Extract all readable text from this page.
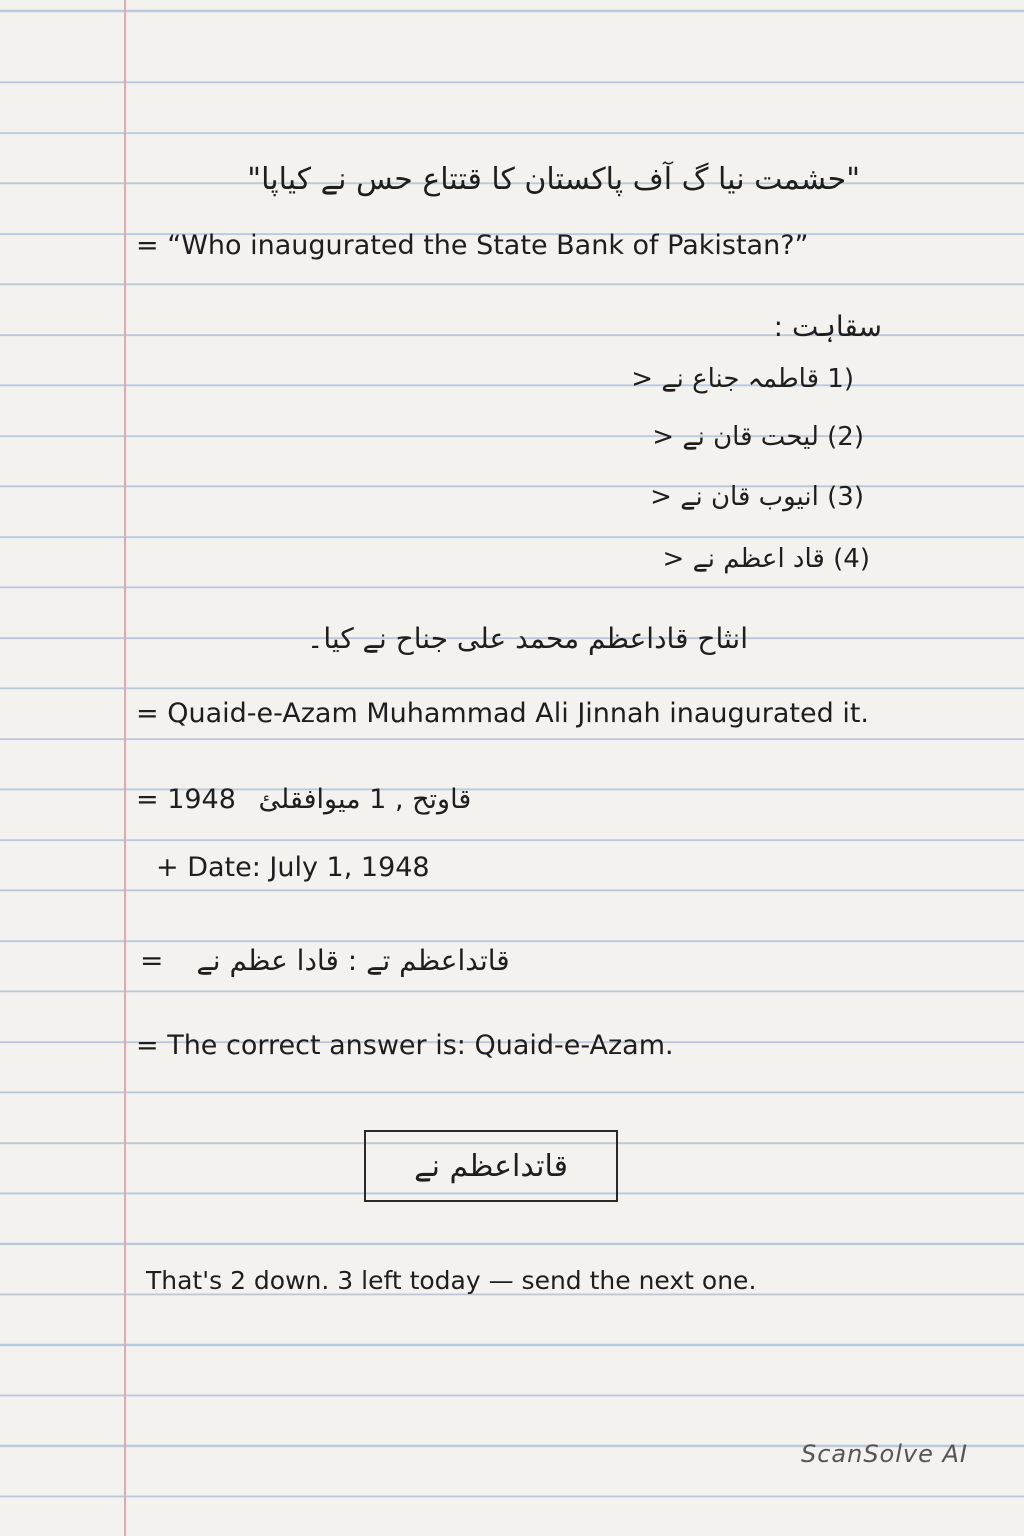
"حشمت نیا گ آف پاکستان کا قتتاع حس نے کیاپا"
= “Who inaugurated the State Bank of Pakistan?”
سقاہت :
(1 قاطمہ جناع نے <
(2) لیحت قان نے <
(3) انیوب قان نے <
(4) قاد اعظم نے <
انثاح قاداعظم محمد علی جناح نے کیا۔
= Quaid-e-Azam Muhammad Ali Jinnah inaugurated it.
= 1948 قاوتح , 1 میوافقلئ
+ Date: July 1, 1948
= قاتداعظم تے : قادا عظم نے
= The correct answer is: Quaid-e-Azam.
قاتداعظم نے
That's 2 down. 3 left today — send the next one.
ScanSolve AI
